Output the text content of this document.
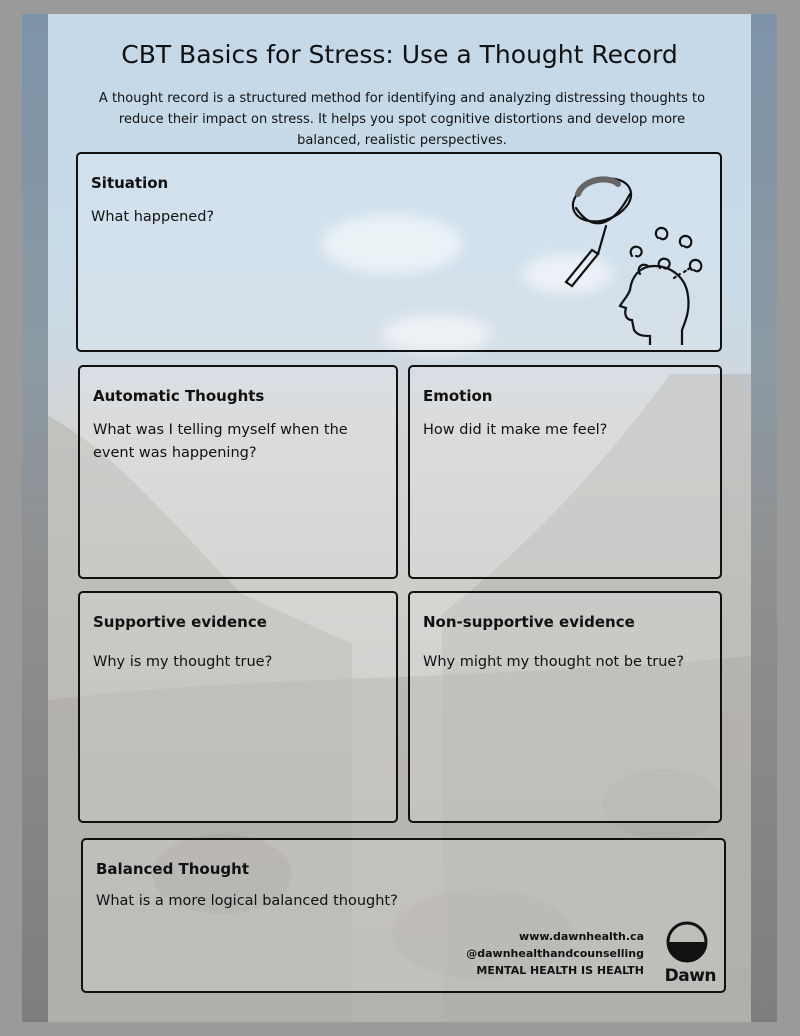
CBT Basics for Stress: Use a Thought Record

A thought record is a structured method for identifying and analyzing distressing thoughts to reduce their impact on stress. It helps you spot cognitive distortions and develop more balanced, realistic perspectives.

Situation

What happened?

Automatic Thoughts

What was I telling myself when the event was happening?

Emotion

How did it make me feel?

Supportive evidence

Why is my thought true?

Non-supportive evidence

Why might my thought not be true?

Balanced Thought

What is a more logical balanced thought?

www.dawnhealth.ca
@dawnhealthandcounselling
MENTAL HEALTH IS HEALTH Dawn
